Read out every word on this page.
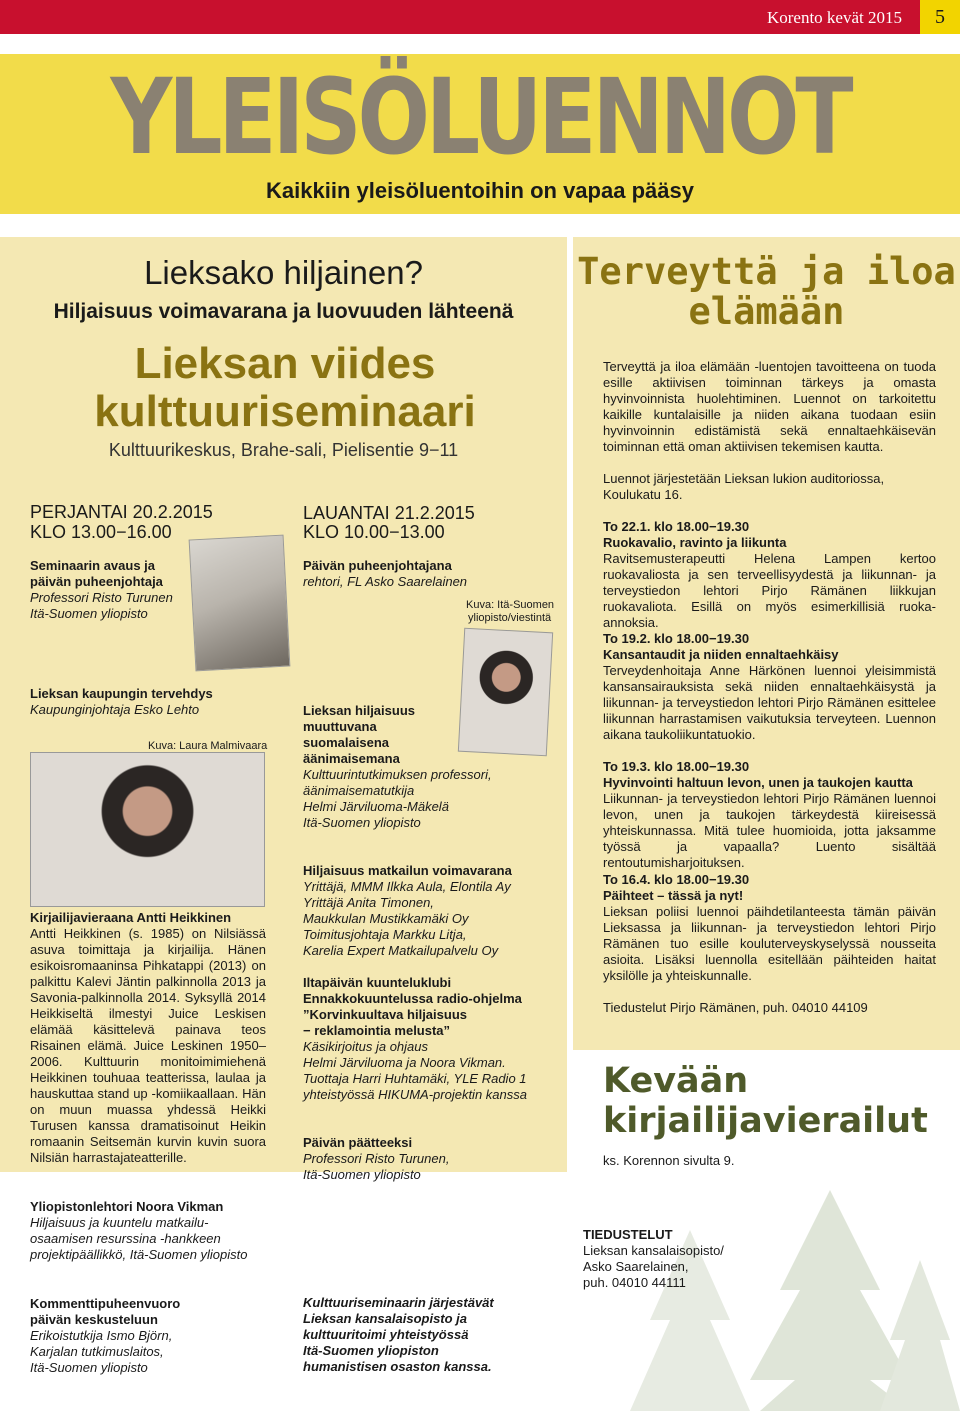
Korento kevät 2015	5
YLEISÖLUENNOT
Kaikkiin yleisöluentoihin on vapaa pääsy
Lieksako hiljainen?
Hiljaisuus voimavarana ja luovuuden lähteenä
Lieksan viides kulttuuriseminaari
Kulttuurikeskus, Brahe-sali, Pielisentie 9−11
PERJANTAI 20.2.2015
KLO 13.00−16.00
Seminaarin avaus ja
päivän puheenjohtaja
Professori Risto Turunen
Itä-Suomen yliopisto
Lieksan kaupungin tervehdys
Kaupunginjohtaja Esko Lehto
Kuva: Laura Malmivaara
Kirjailijavieraana Antti Heikkinen
Antti Heikkinen (s. 1985) on Nilsiässä asuva toimittaja ja kirjailija. Hänen esikoisromaaninsa Pihkatappi (2013) on palkittu Kalevi Jäntin palkinnolla 2013 ja Savonia-palkinnolla 2014. Syksyllä 2014 Heikkiseltä ilmestyi Juice Leskisen elämää käsittelevä painava teos Risainen elämä. Juice Leskinen 1950–2006. Kulttuurin monitoimimiehenä Heikkinen touhuaa teatterissa, laulaa ja hauskuttaa stand up -komiikaallaan. Hän on muun muassa yhdessä Heikki Turusen kanssa dramatisoinut Heikin romaanin Seitsemän kurvin kuvin suora Nilsiän harrastajateatterille.
Yliopistonlehtori Noora Vikman
Hiljaisuus ja kuuntelu matkailu-
osaamisen resurssina -hankkeen
projektipäällikkö, Itä-Suomen yliopisto
Kommenttipuheenvuoro
päivän keskusteluun
Erikoistutkija Ismo Björn,
Karjalan tutkimuslaitos,
Itä-Suomen yliopisto
LAUANTAI 21.2.2015
KLO 10.00−13.00
Päivän puheenjohtajana
rehtori, FL Asko Saarelainen
Kuva: Itä-Suomen
yliopisto/viestintä
Lieksan hiljaisuus
muuttuvana
suomalaisena
äänimaisemana
Kulttuurintutkimuksen professori,
äänimaisematutkija
Helmi Järviluoma-Mäkelä
Itä-Suomen yliopisto
Hiljaisuus matkailun voimavarana
Yrittäjä, MMM Ilkka Aula, Elontila Ay
Yrittäjä Anita Timonen,
Maukkulan Mustikkamäki Oy
Toimitusjohtaja Markku Litja,
Karelia Expert Matkailupalvelu Oy
Iltapäivän kuunteluklubi
Ennakkokuuntelussa radio-ohjelma
”Korvinkuultava hiljaisuus
− reklamointia melusta”
Käsikirjoitus ja ohjaus
Helmi Järviluoma ja Noora Vikman.
Tuottaja Harri Huhtamäki, YLE Radio 1
yhteistyössä HIKUMA-projektin kanssa
Päivän päätteeksi
Professori Risto Turunen,
Itä-Suomen yliopisto
Kulttuuriseminaarin järjestävät
Lieksan kansalaisopisto ja
kulttuuritoimi yhteistyössä
Itä-Suomen yliopiston
humanistisen osaston kanssa.
Terveyttä ja iloa
elämään
Terveyttä ja iloa elämään -luentojen tavoitteena on tuoda esille aktiivisen toiminnan tärkeys ja omasta hyvinvoinnista huolehtiminen. Luennot on tarkoitettu kaikille kuntalaisille ja niiden aikana tuodaan esiin hyvinvoinnin edistämistä sekä ennaltaehkäisevän toiminnan että oman aktiivisen tekemisen kautta.
Luennot järjestetään Lieksan lukion auditoriossa, Koulukatu 16.
To 22.1. klo 18.00−19.30
Ruokavalio, ravinto ja liikunta
Ravitsemusterapeutti Helena Lampen kertoo ruokavaliosta ja sen terveellisyydestä ja liikunnan- ja terveystiedon lehtori Pirjo Rämänen liikkujan ruokavaliota. Esillä on myös esimerkillisiä ruoka-annoksia.
To 19.2. klo 18.00−19.30
Kansantaudit ja niiden ennaltaehkäisy
Terveydenhoitaja Anne Härkönen luennoi yleisimmistä kansansairauksista sekä niiden ennaltaehkäisystä ja liikunnan- ja terveystiedon lehtori Pirjo Rämänen esittelee liikunnan harrastamisen vaikutuksia terveyteen. Luennon aikana taukoliikuntatuokio.
To 19.3. klo 18.00−19.30
Hyvinvointi haltuun levon, unen ja taukojen kautta
Liikunnan- ja terveystiedon lehtori Pirjo Rämänen luennoi levon, unen ja taukojen tärkeydestä kiireisessä yhteiskunnassa. Mitä tulee huomioida, jotta jaksamme työssä ja vapaalla? Luento sisältää rentoutumisharjoituksen.
To 16.4. klo 18.00−19.30
Päihteet – tässä ja nyt!
Lieksan poliisi luennoi päihdetilanteesta tämän päivän Lieksassa ja liikunnan- ja terveystiedon lehtori Pirjo Rämänen tuo esille kouluterveyskyselyssä nousseita asioita. Lisäksi luennolla esitellään päihteiden haitat yksilölle ja yhteiskunnalle.
Tiedustelut Pirjo Rämänen, puh. 04010 44109
Kevään
kirjailijavierailut
ks. Korennon sivulta 9.
TIEDUSTELUT
Lieksan kansalaisopisto/
Asko Saarelainen,
puh. 04010 44111
